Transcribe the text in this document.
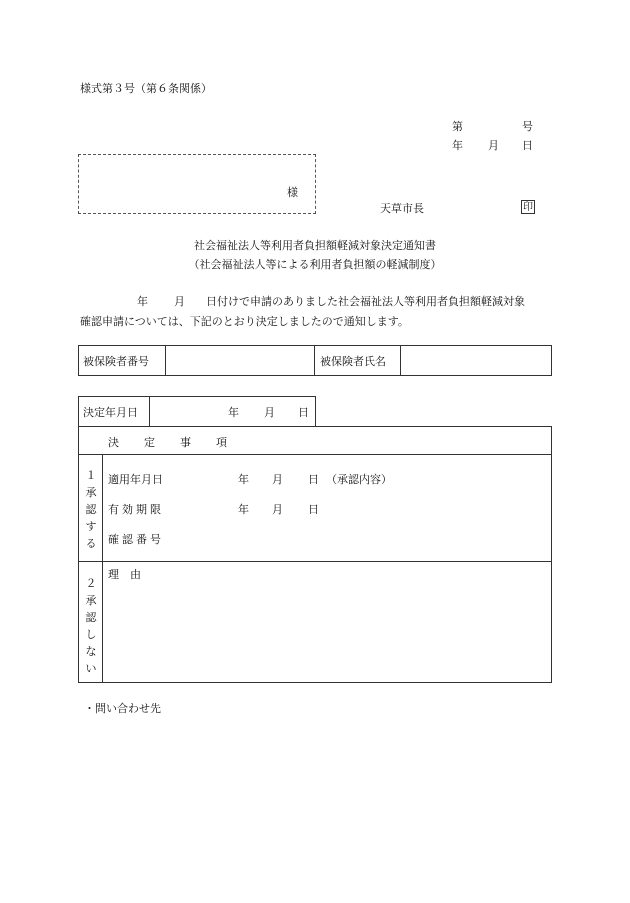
様式第３号（第６条関係）
第	号
年 月 日
様
天草市長	印
社会福祉法人等利用者負担額軽減対象決定通知書
（社会福祉法人等による利用者負担額の軽減制度）
年 月 日付けで申請のありました社会福祉法人等利用者負担額軽減対象
確認申請については、下記のとおり決定しましたので通知します。
被保険者番号	被保険者氏名
決定年月日	年 月 日
決 定 事 項
１
承
認
す
る
適用年月日	年 月 日 （承認内容）
有効期限	年 月 日
確認番号
２
承
認
し
な
い
理　由
・問い合わせ先
